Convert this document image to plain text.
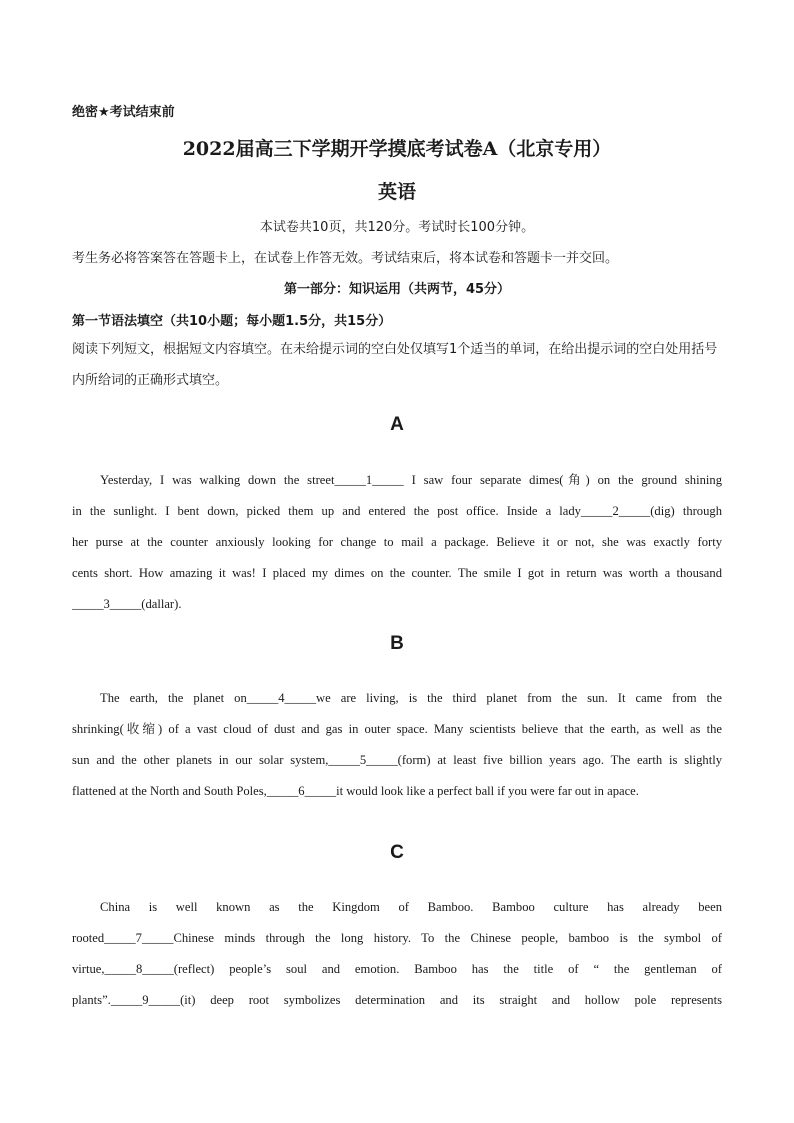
绝密★考试结束前
2022届高三下学期开学摸底考试卷A（北京专用）
英语
本试卷共10页，共120分。考试时长100分钟。
考生务必将答案答在答题卡上，在试卷上作答无效。考试结束后，将本试卷和答题卡一并交回。
第一部分：知识运用（共两节，45分）
第一节语法填空（共10小题；每小题1.5分，共15分）
阅读下列短文，根据短文内容填空。在未给提示词的空白处仅填写1个适当的单词，在给出提示词的空白处用括号内所给词的正确形式填空。
A
Yesterday, I was walking down the street_____1_____ I saw four separate dimes(角) on the ground shining
in the sunlight. I bent down, picked them up and entered the post office. Inside a lady_____2_____(dig) through
her purse at the counter anxiously looking for change to mail a package. Believe it or not, she was exactly forty
cents short. How amazing it was! I placed my dimes on the counter. The smile I got in return was worth a thousand
_____3_____(dallar).
B
The earth, the planet on_____4_____we are living, is the third planet from the sun. It came from the
shrinking(收缩) of a vast cloud of dust and gas in outer space. Many scientists believe that the earth, as well as the
sun and the other planets in our solar system,_____5_____(form) at least five billion years ago. The earth is slightly
flattened at the North and South Poles,_____6_____it would look like a perfect ball if you were far out in apace.
C
China is well known as the Kingdom of Bamboo. Bamboo culture has already been
rooted_____7_____Chinese minds through the long history. To the Chinese people, bamboo is the symbol of
virtue,_____8_____(reflect) people’s soul and emotion. Bamboo has the title of “ the gentleman of
plants”._____9_____(it) deep root symbolizes determination and its straight and hollow pole represents
